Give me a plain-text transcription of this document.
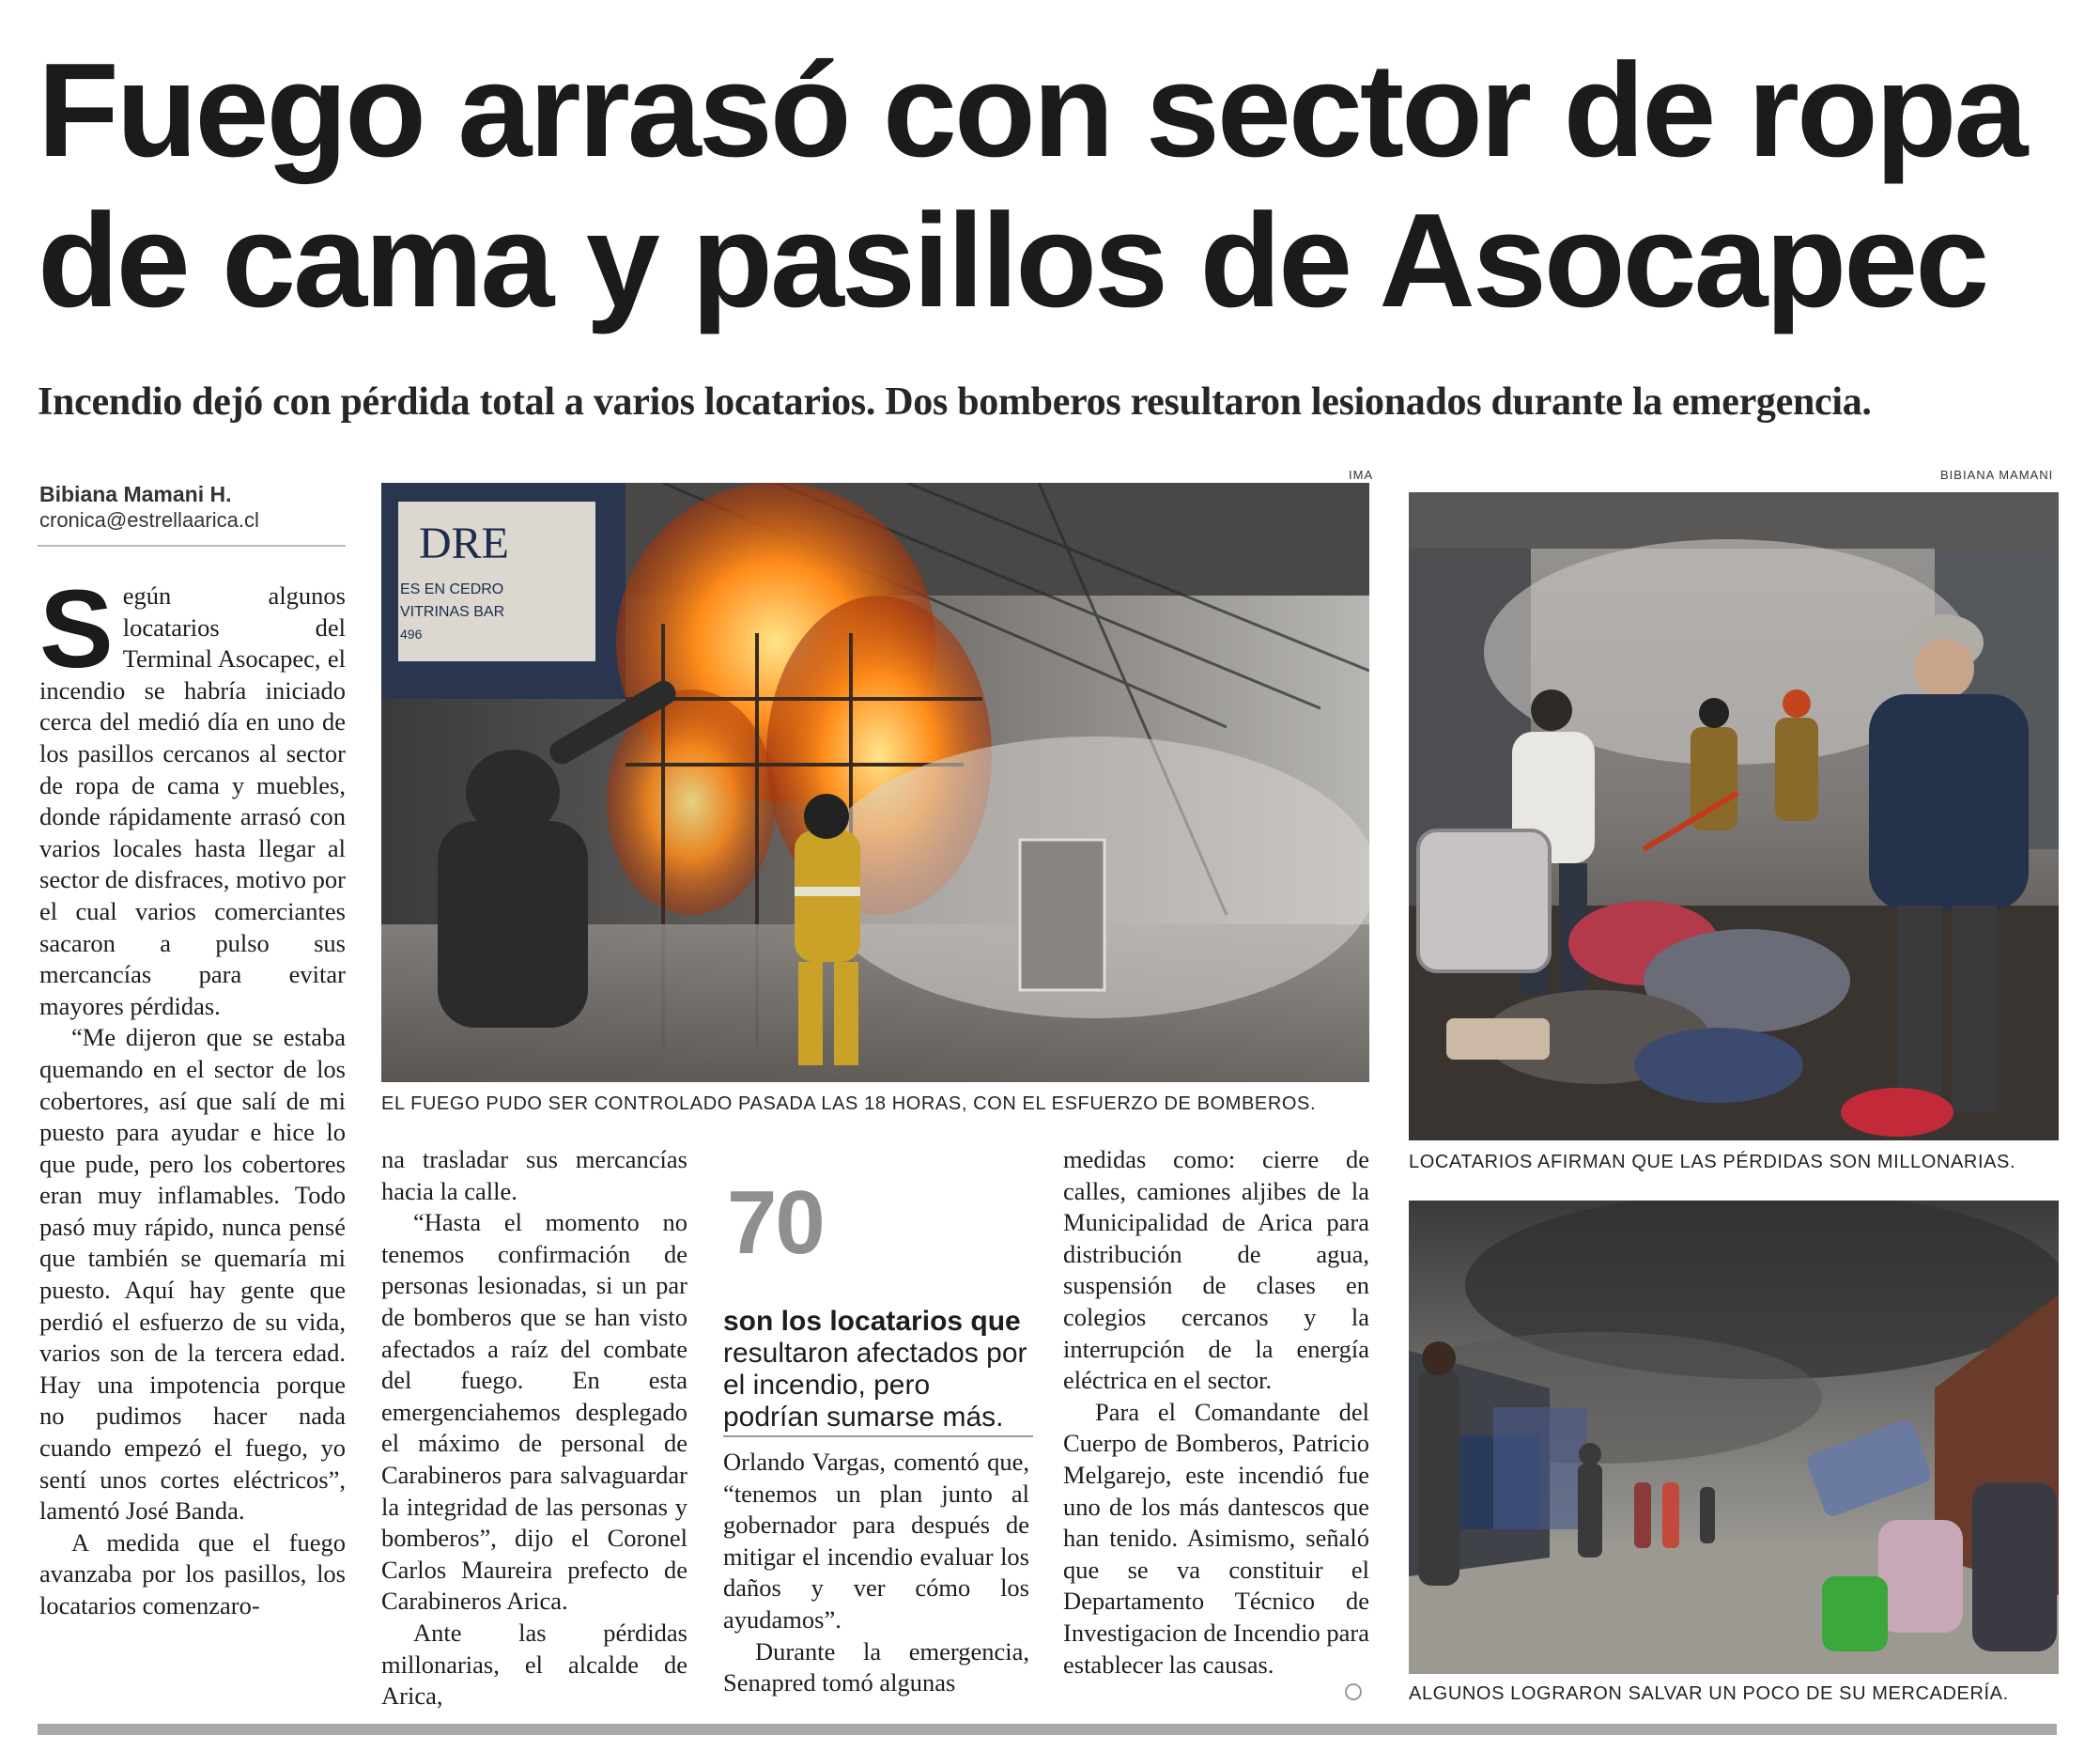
Fuego arrasó con sector de ropa
de cama y pasillos de Asocapec
Incendio dejó con pérdida total a varios locatarios. Dos bomberos resultaron lesionados durante la emergencia.
Bibiana Mamani H.
cronica@estrellaarica.cl

Según algunos locatarios del Terminal Asocapec, el incendio se habría iniciado cerca del medió día en uno de los pasillos cercanos al sector de ropa de cama y muebles, donde rápidamente arrasó con varios locales hasta llegar al sector de disfraces, motivo por el cual varios comerciantes sacaron a pulso sus mercancías para evitar mayores pérdidas.

“Me dijeron que se estaba quemando en el sector de los cobertores, así que salí de mi puesto para ayudar e hice lo que pude, pero los cobertores eran muy inflamables. Todo pasó muy rápido, nunca pensé que también se quemaría mi puesto. Aquí hay gente que perdió el esfuerzo de su vida, varios son de la tercera edad. Hay una impotencia porque no pudimos hacer nada cuando empezó el fuego, yo sentí unos cortes eléctricos”, lamentó José Banda.

A medida que el fuego avanzaba por los pasillos, los locatarios comenzaro-

IMA
DRE
ES EN CEDRO
VITRINAS BAR
496
EL FUEGO PUDO SER CONTROLADO PASADA LAS 18 HORAS, CON EL ESFUERZO DE BOMBEROS.
BIBIANA MAMANI
LOCATARIOS AFIRMAN QUE LAS PÉRDIDAS SON MILLONARIAS.
ALGUNOS LOGRARON SALVAR UN POCO DE SU MERCADERÍA.

na trasladar sus mercancías hacia la calle.

“Hasta el momento no tenemos confirmación de personas lesionadas, si un par de bomberos que se han visto afectados a raíz del combate del fuego. En esta emergenciahemos desplegado el máximo de personal de Carabineros para salvaguardar la integridad de las personas y bomberos”, dijo el Coronel Carlos Maureira prefecto de Carabineros Arica.

Ante las pérdidas millonarias, el alcalde de Arica,

70
son los locatarios que resultaron afectados por el incendio, pero podrían sumarse más.

Orlando Vargas, comentó que, “tenemos un plan junto al gobernador para después de mitigar el incendio evaluar los daños y ver cómo los ayudamos”.

Durante la emergencia, Senapred tomó algunas

medidas como: cierre de calles, camiones aljibes de la Municipalidad de Arica para distribución de agua, suspensión de clases en colegios cercanos y la interrupción de la energía eléctrica en el sector.

Para el Comandante del Cuerpo de Bomberos, Patricio Melgarejo, este incendió fue uno de los más dantescos que han tenido. Asimismo, señaló que se va constituir el Departamento Técnico de Investigacion de Incendio para establecer las causas.
